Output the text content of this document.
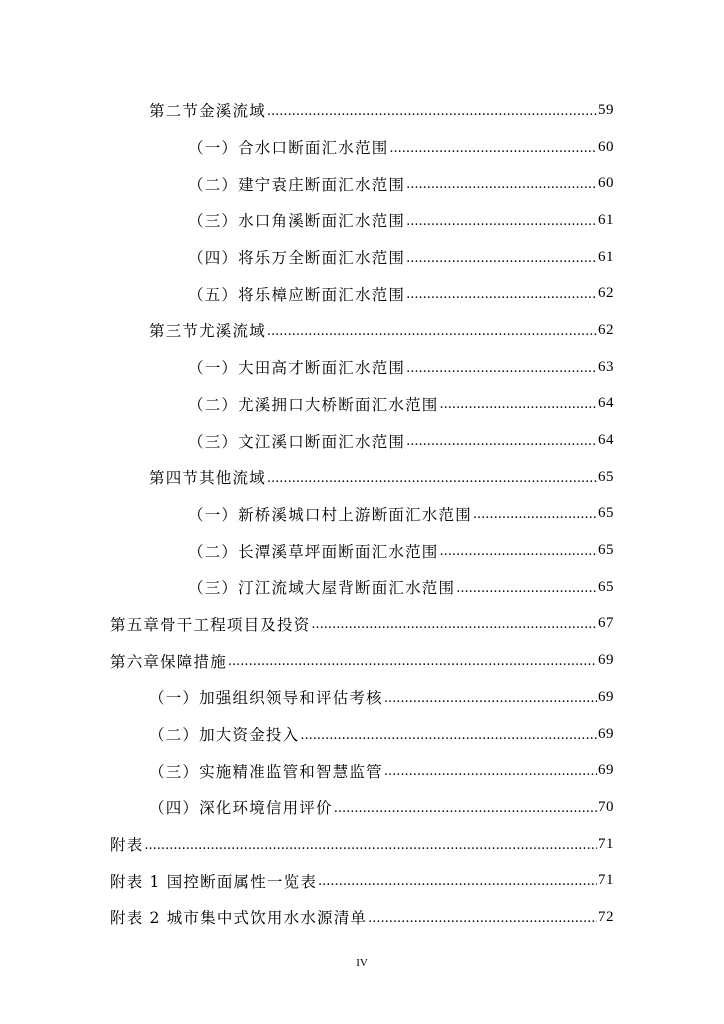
第二节金溪流域 .....	59
（一）合水口断面汇水范围 .....	60
（二）建宁袁庄断面汇水范围 .....	60
（三）水口角溪断面汇水范围 .....	61
（四）将乐万全断面汇水范围 .....	61
（五）将乐樟应断面汇水范围 .....	62
第三节尤溪流域 .....	62
（一）大田高才断面汇水范围 .....	63
（二）尤溪拥口大桥断面汇水范围 .....	64
（三）文江溪口断面汇水范围 .....	64
第四节其他流域 .....	65
（一）新桥溪城口村上游断面汇水范围 .....	65
（二）长潭溪草坪面断面汇水范围 .....	65
（三）汀江流域大屋背断面汇水范围 .....	65
第五章骨干工程项目及投资 .....	67
第六章保障措施 .....	69
（一）加强组织领导和评估考核 .....	69
（二）加大资金投入 .....	69
（三）实施精准监管和智慧监管 .....	69
（四）深化环境信用评价 .....	70
附表 .....	71
附表 1 国控断面属性一览表 .....	71
附表 2 城市集中式饮用水水源清单 .....	72
IV
